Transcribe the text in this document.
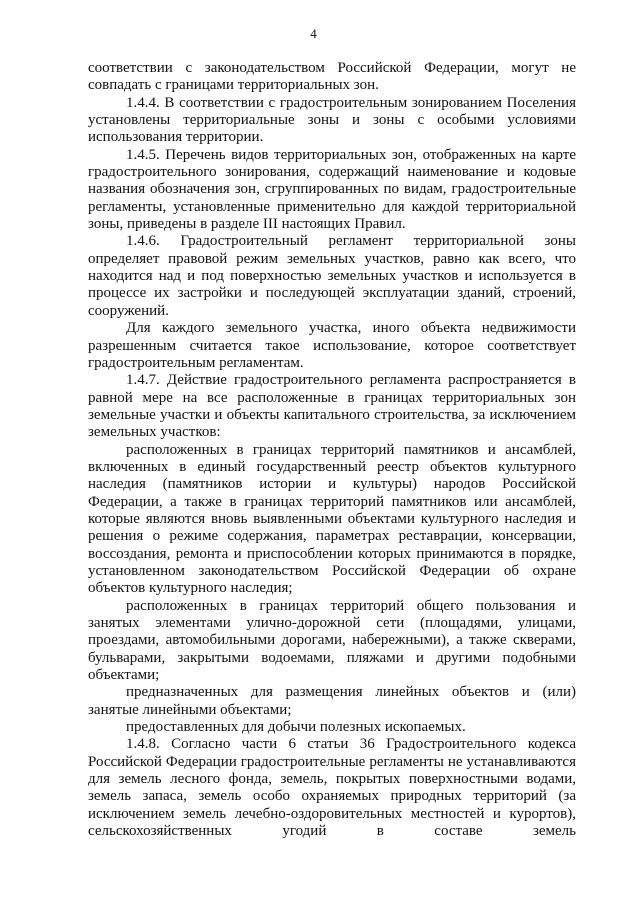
4

соответствии с законодательством Российской Федерации, могут не совпадать с границами территориальных зон.

1.4.4. В соответствии с градостроительным зонированием Поселения установлены территориальные зоны и зоны с особыми условиями использования территории.

1.4.5. Перечень видов территориальных зон, отображенных на карте градостроительного зонирования, содержащий наименование и кодовые названия обозначения зон, сгруппированных по видам, градостроительные регламенты, установленные применительно для каждой территориальной зоны, приведены в разделе III настоящих Правил.

1.4.6. Градостроительный регламент территориальной зоны определяет правовой режим земельных участков, равно как всего, что находится над и под поверхностью земельных участков и используется в процессе их застройки и последующей эксплуатации зданий, строений, сооружений.

Для каждого земельного участка, иного объекта недвижимости разрешенным считается такое использование, которое соответствует градостроительным регламентам.

1.4.7. Действие градостроительного регламента распространяется в равной мере на все расположенные в границах территориальных зон земельные участки и объекты капитального строительства, за исключением земельных участков:

расположенных в границах территорий памятников и ансамблей, включенных в единый государственный реестр объектов культурного наследия (памятников истории и культуры) народов Российской Федерации, а также в границах территорий памятников или ансамблей, которые являются вновь выявленными объектами культурного наследия и решения о режиме содержания, параметрах реставрации, консервации, воссоздания, ремонта и приспособлении которых принимаются в порядке, установленном законодательством Российской Федерации об охране объектов культурного наследия;

расположенных в границах территорий общего пользования и занятых элементами улично-дорожной сети (площадями, улицами, проездами, автомобильными дорогами, набережными), а также скверами, бульварами, закрытыми водоемами, пляжами и другими подобными объектами;

предназначенных для размещения линейных объектов и (или) занятые линейными объектами;

предоставленных для добычи полезных ископаемых.

1.4.8. Согласно части 6 статьи 36 Градостроительного кодекса Российской Федерации градостроительные регламенты не устанавливаются для земель лесного фонда, земель, покрытых поверхностными водами, земель запаса, земель особо охраняемых природных территорий (за исключением земель лечебно-оздоровительных местностей и курортов), сельскохозяйственных угодий в составе земель
